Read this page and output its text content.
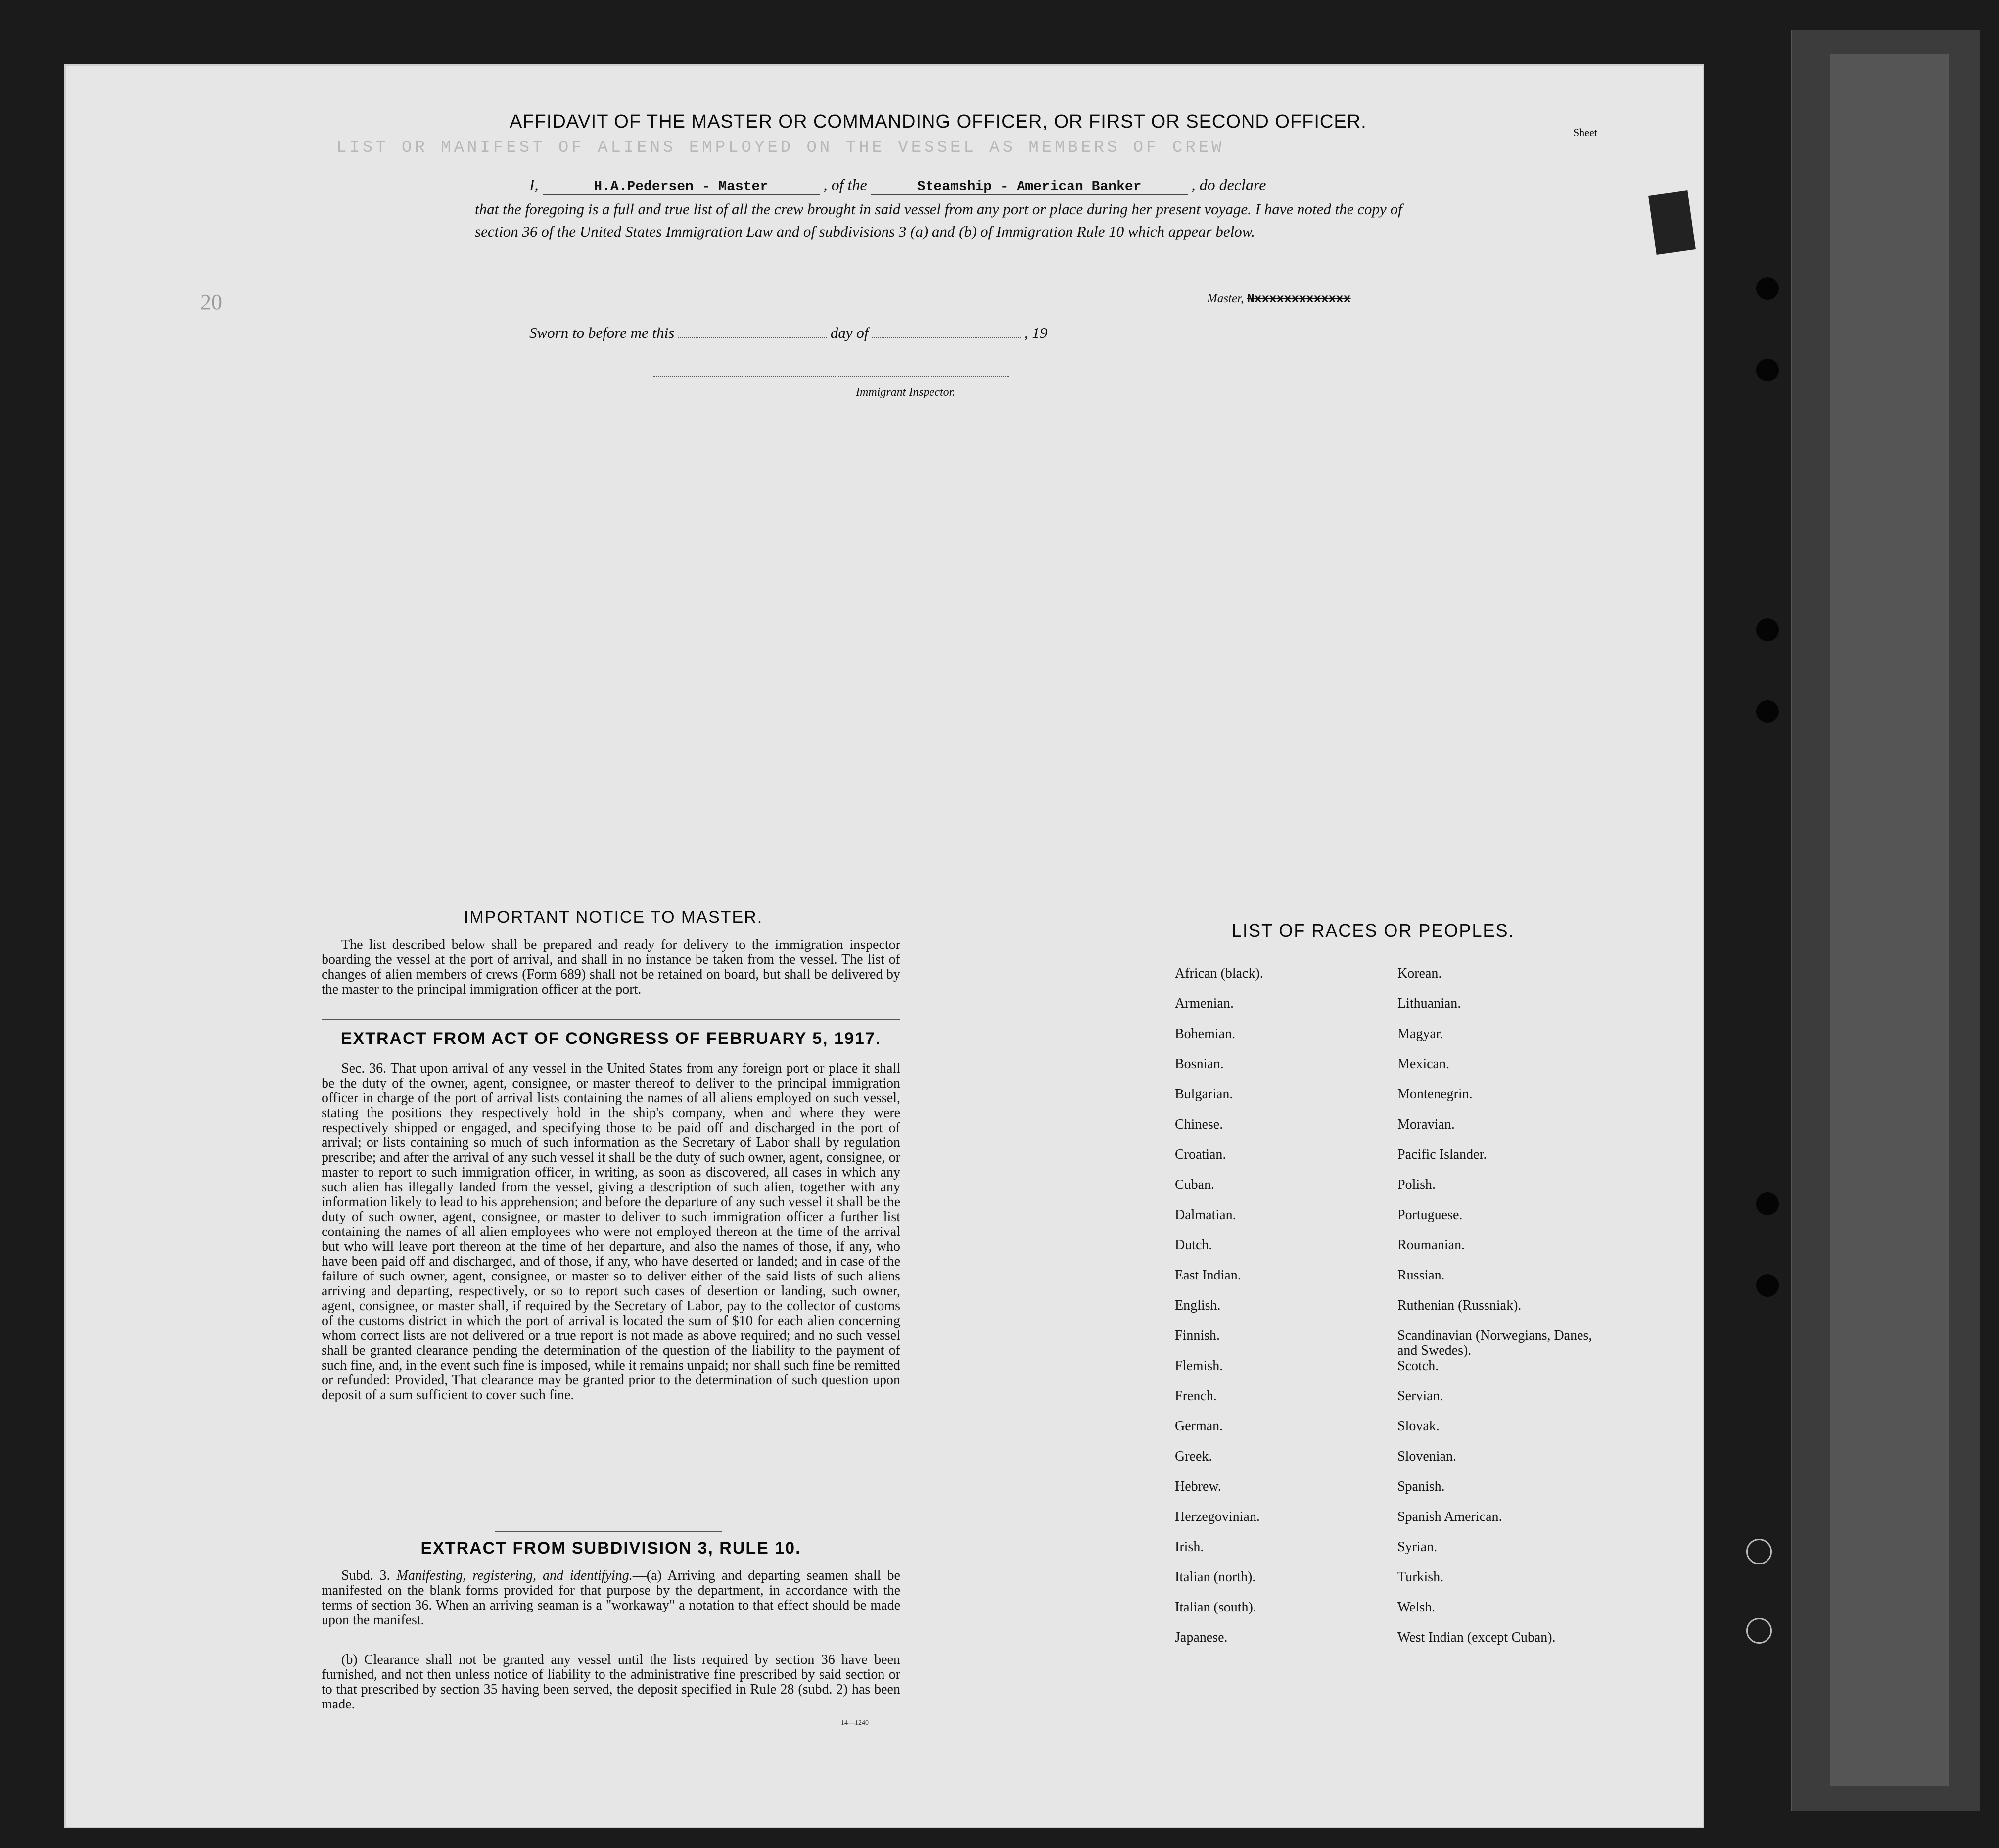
LIST OR MANIFEST OF ALIENS EMPLOYED ON THE VESSEL AS MEMBERS OF CREW
20
Sheet
AFFIDAVIT OF THE MASTER OR COMMANDING OFFICER, OR FIRST OR SECOND OFFICER.
I,	H.A.Pedersen - Master	, of the	Steamship - American Banker	, do declare
that the foregoing is a full and true list of all the crew brought in said vessel from any port or place during her present voyage. I have noted the copy of section 36 of the United States Immigration Law and of subdivisions 3 (a) and (b) of Immigration Rule 10 which appear below.
Master, Nxxxxxxxxxxxxx
Sworn to before me this	day of	, 19
Immigrant Inspector.
IMPORTANT NOTICE TO MASTER.
The list described below shall be prepared and ready for delivery to the immigration inspector boarding the vessel at the port of arrival, and shall in no instance be taken from the vessel. The list of changes of alien members of crews (Form 689) shall not be retained on board, but shall be delivered by the master to the principal immigration officer at the port.
EXTRACT FROM ACT OF CONGRESS OF FEBRUARY 5, 1917.
Sec. 36. That upon arrival of any vessel in the United States from any foreign port or place it shall be the duty of the owner, agent, consignee, or master thereof to deliver to the principal immigration officer in charge of the port of arrival lists containing the names of all aliens employed on such vessel, stating the positions they respectively hold in the ship's company, when and where they were respectively shipped or engaged, and specifying those to be paid off and discharged in the port of arrival; or lists containing so much of such information as the Secretary of Labor shall by regulation prescribe; and after the arrival of any such vessel it shall be the duty of such owner, agent, consignee, or master to report to such immigration officer, in writing, as soon as discovered, all cases in which any such alien has illegally landed from the vessel, giving a description of such alien, together with any information likely to lead to his apprehension; and before the departure of any such vessel it shall be the duty of such owner, agent, consignee, or master to deliver to such immigration officer a further list containing the names of all alien employees who were not employed thereon at the time of the arrival but who will leave port thereon at the time of her departure, and also the names of those, if any, who have been paid off and discharged, and of those, if any, who have deserted or landed; and in case of the failure of such owner, agent, consignee, or master so to deliver either of the said lists of such aliens arriving and departing, respectively, or so to report such cases of desertion or landing, such owner, agent, consignee, or master shall, if required by the Secretary of Labor, pay to the collector of customs of the customs district in which the port of arrival is located the sum of $10 for each alien concerning whom correct lists are not delivered or a true report is not made as above required; and no such vessel shall be granted clearance pending the determination of the question of the liability to the payment of such fine, and, in the event such fine is imposed, while it remains unpaid; nor shall such fine be remitted or refunded: Provided, That clearance may be granted prior to the determination of such question upon deposit of a sum sufficient to cover such fine.
EXTRACT FROM SUBDIVISION 3, RULE 10.
Subd. 3. Manifesting, registering, and identifying.—(a) Arriving and departing seamen shall be manifested on the blank forms provided for that purpose by the department, in accordance with the terms of section 36. When an arriving seaman is a "workaway" a notation to that effect should be made upon the manifest.
(b) Clearance shall not be granted any vessel until the lists required by section 36 have been furnished, and not then unless notice of liability to the administrative fine prescribed by said section or to that prescribed by section 35 having been served, the deposit specified in Rule 28 (subd. 2) has been made.
14—1240
LIST OF RACES OR PEOPLES.
African (black).
Armenian.
Bohemian.
Bosnian.
Bulgarian.
Chinese.
Croatian.
Cuban.
Dalmatian.
Dutch.
East Indian.
English.
Finnish.
Flemish.
French.
German.
Greek.
Hebrew.
Herzegovinian.
Irish.
Italian (north).
Italian (south).
Japanese.
Korean.
Lithuanian.
Magyar.
Mexican.
Montenegrin.
Moravian.
Pacific Islander.
Polish.
Portuguese.
Roumanian.
Russian.
Ruthenian (Russniak).
Scandinavian (Norwegians, Danes, and Swedes).
Scotch.
Servian.
Slovak.
Slovenian.
Spanish.
Spanish American.
Syrian.
Turkish.
Welsh.
West Indian (except Cuban).
